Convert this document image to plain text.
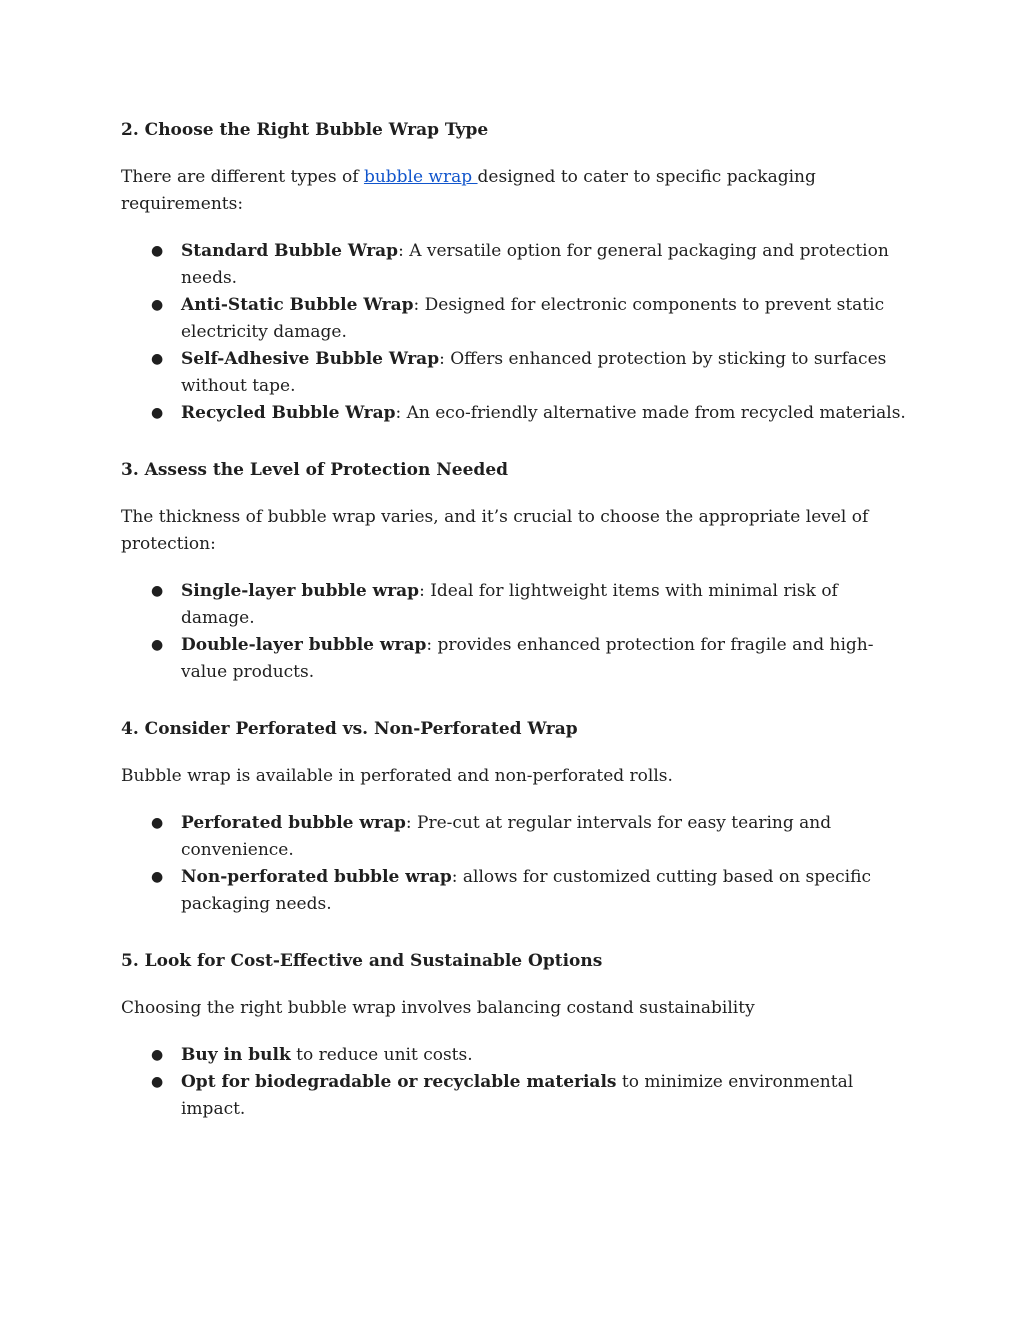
2. Choose the Right Bubble Wrap Type

There are different types of bubble wrap designed to cater to specific packaging requirements:

● Standard Bubble Wrap: A versatile option for general packaging and protection needs.
● Anti-Static Bubble Wrap: Designed for electronic components to prevent static electricity damage.
● Self-Adhesive Bubble Wrap: Offers enhanced protection by sticking to surfaces without tape.
● Recycled Bubble Wrap: An eco-friendly alternative made from recycled materials.
3. Assess the Level of Protection Needed

The thickness of bubble wrap varies, and it’s crucial to choose the appropriate level of protection:

● Single-layer bubble wrap: Ideal for lightweight items with minimal risk of damage.
● Double-layer bubble wrap: provides enhanced protection for fragile and high-value products.
4. Consider Perforated vs. Non-Perforated Wrap

Bubble wrap is available in perforated and non-perforated rolls.

● Perforated bubble wrap: Pre-cut at regular intervals for easy tearing and convenience.
● Non-perforated bubble wrap: allows for customized cutting based on specific packaging needs.
5. Look for Cost-Effective and Sustainable Options

Choosing the right bubble wrap involves balancing costand sustainability

● Buy in bulk to reduce unit costs.
● Opt for biodegradable or recyclable materials to minimize environmental impact.
